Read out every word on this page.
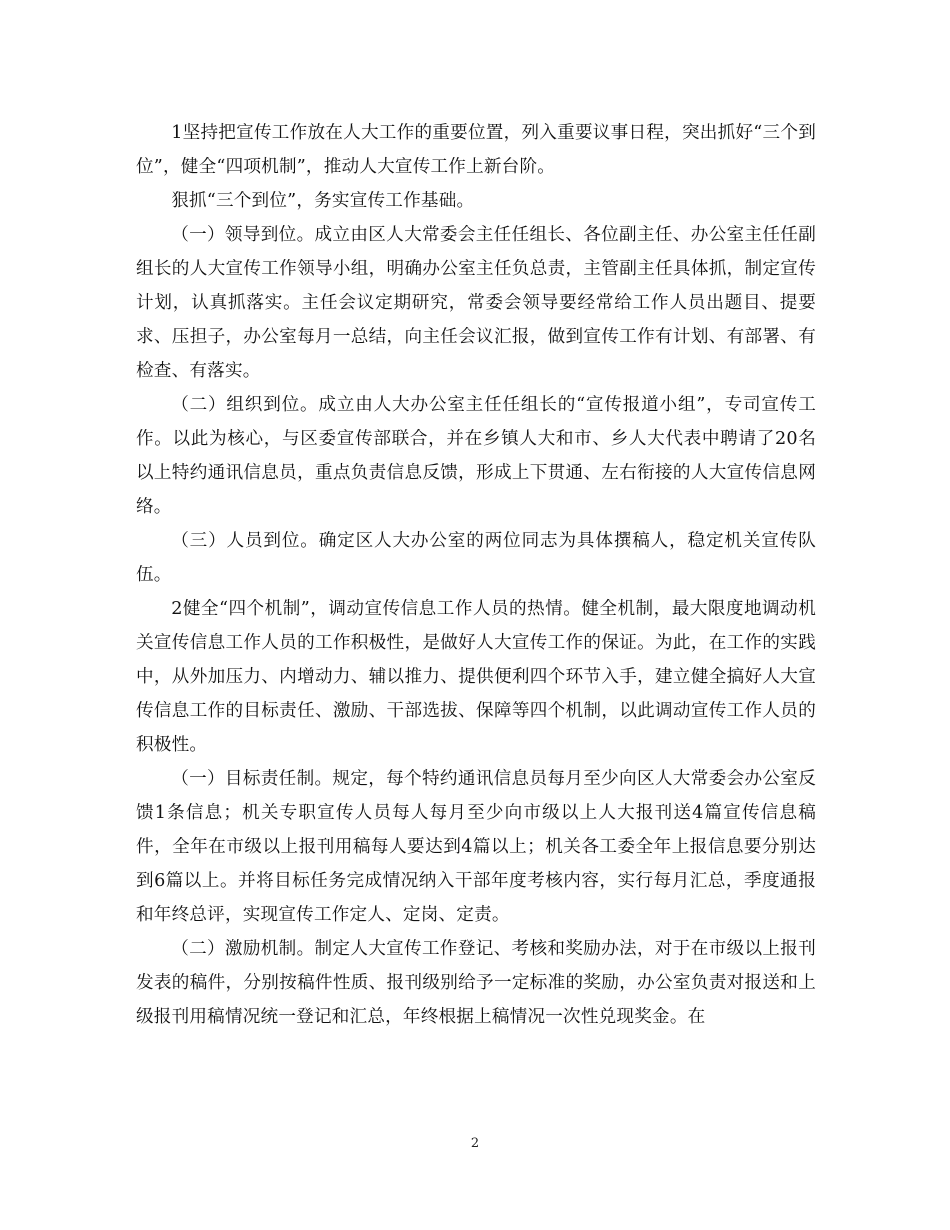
1坚持把宣传工作放在人大工作的重要位置，列入重要议事日程，突出抓好“三个到位”，健全“四项机制”，推动人大宣传工作上新台阶。

狠抓“三个到位”，务实宣传工作基础。

（一）领导到位。成立由区人大常委会主任任组长、各位副主任、办公室主任任副组长的人大宣传工作领导小组，明确办公室主任负总责，主管副主任具体抓，制定宣传计划，认真抓落实。主任会议定期研究，常委会领导要经常给工作人员出题目、提要求、压担子，办公室每月一总结，向主任会议汇报，做到宣传工作有计划、有部署、有检查、有落实。

（二）组织到位。成立由人大办公室主任任组长的“宣传报道小组”，专司宣传工作。以此为核心，与区委宣传部联合，并在乡镇人大和市、乡人大代表中聘请了20名以上特约通讯信息员，重点负责信息反馈，形成上下贯通、左右衔接的人大宣传信息网络。

（三）人员到位。确定区人大办公室的两位同志为具体撰稿人，稳定机关宣传队伍。

2健全“四个机制”，调动宣传信息工作人员的热情。健全机制，最大限度地调动机关宣传信息工作人员的工作积极性，是做好人大宣传工作的保证。为此，在工作的实践中，从外加压力、内增动力、辅以推力、提供便利四个环节入手，建立健全搞好人大宣传信息工作的目标责任、激励、干部选拔、保障等四个机制，以此调动宣传工作人员的积极性。

（一）目标责任制。规定，每个特约通讯信息员每月至少向区人大常委会办公室反馈1条信息；机关专职宣传人员每人每月至少向市级以上人大报刊送4篇宣传信息稿件，全年在市级以上报刊用稿每人要达到4篇以上；机关各工委全年上报信息要分别达到6篇以上。并将目标任务完成情况纳入干部年度考核内容，实行每月汇总，季度通报和年终总评，实现宣传工作定人、定岗、定责。

（二）激励机制。制定人大宣传工作登记、考核和奖励办法，对于在市级以上报刊发表的稿件，分别按稿件性质、报刊级别给予一定标准的奖励，办公室负责对报送和上级报刊用稿情况统一登记和汇总，年终根据上稿情况一次性兑现奖金。在

2
